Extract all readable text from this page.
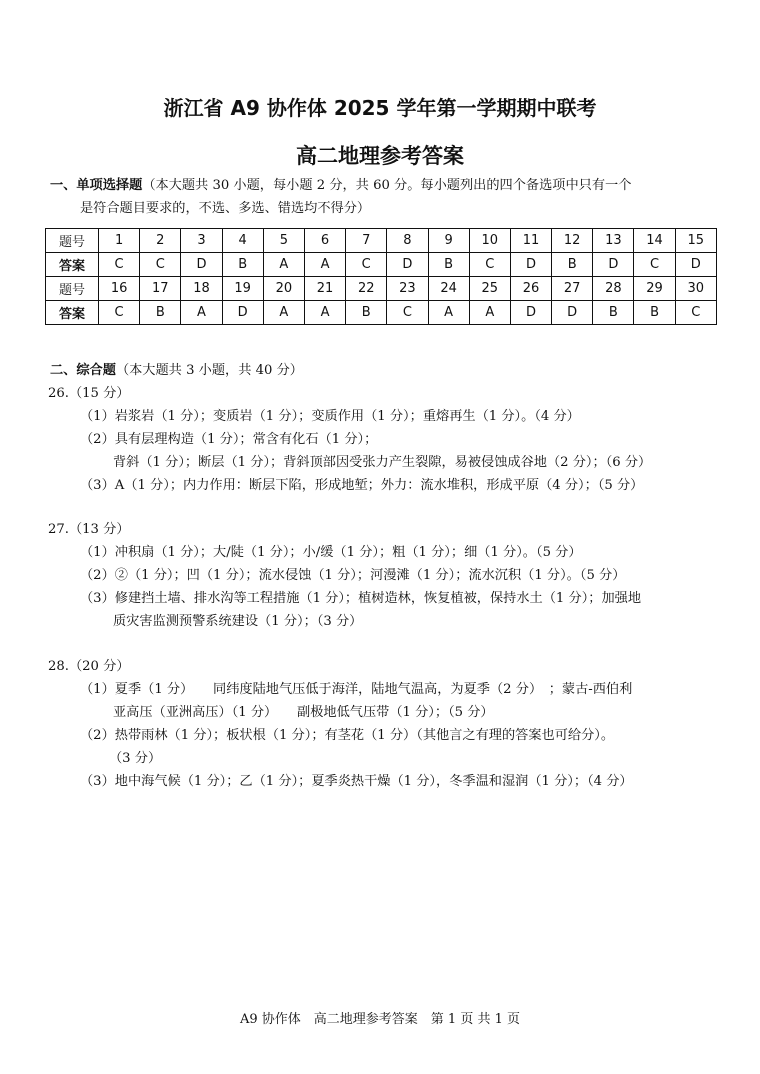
浙江省 A9 协作体 2025 学年第一学期期中联考
高二地理参考答案
一、单项选择题（本大题共 30 小题，每小题 2 分，共 60 分。每小题列出的四个备选项中只有一个
是符合题目要求的，不选、多选、错选均不得分）
题号	1	2	3	4	5	6	7	8	9	10	11	12	13	14	15
答案	C	C	D	B	A	A	C	D	B	C	D	B	D	C	D
题号	16	17	18	19	20	21	22	23	24	25	26	27	28	29	30
答案	C	B	A	D	A	A	B	C	A	A	D	D	B	B	C
二、综合题（本大题共 3 小题，共 40 分）
26.（15 分）
（1）岩浆岩（1 分）；变质岩（1 分）；变质作用（1 分）；重熔再生（1 分）。（4 分）
（2）具有层理构造（1 分）；常含有化石（1 分）；
背斜（1 分）；断层（1 分）；背斜顶部因受张力产生裂隙，易被侵蚀成谷地（2 分）；（6 分）
（3）A（1 分）；内力作用：断层下陷，形成地堑；外力：流水堆积，形成平原（4 分）；（5 分）
27.（13 分）
（1）冲积扇（1 分）；大/陡（1 分）；小/缓（1 分）；粗（1 分）；细（1 分）。（5 分）
（2）②（1 分）；凹（1 分）；流水侵蚀（1 分）；河漫滩（1 分）；流水沉积（1 分）。（5 分）
（3）修建挡土墙、排水沟等工程措施（1 分）；植树造林，恢复植被，保持水土（1 分）；加强地
质灾害监测预警系统建设（1 分）；（3 分）
28.（20 分）
（1）夏季（1 分）　　同纬度陆地气压低于海洋，陆地气温高，为夏季（2 分）　；蒙古-西伯利
亚高压（亚洲高压）（1 分）　　副极地低气压带（1 分）；（5 分）
（2）热带雨林（1 分）；板状根（1 分）；有茎花（1 分）（其他言之有理的答案也可给分）。
（3 分）
（3）地中海气候（1 分）；乙（1 分）；夏季炎热干燥（1 分），冬季温和湿润（1 分）；（4 分）
A9 协作体　高二地理参考答案　第 1 页 共 1 页
